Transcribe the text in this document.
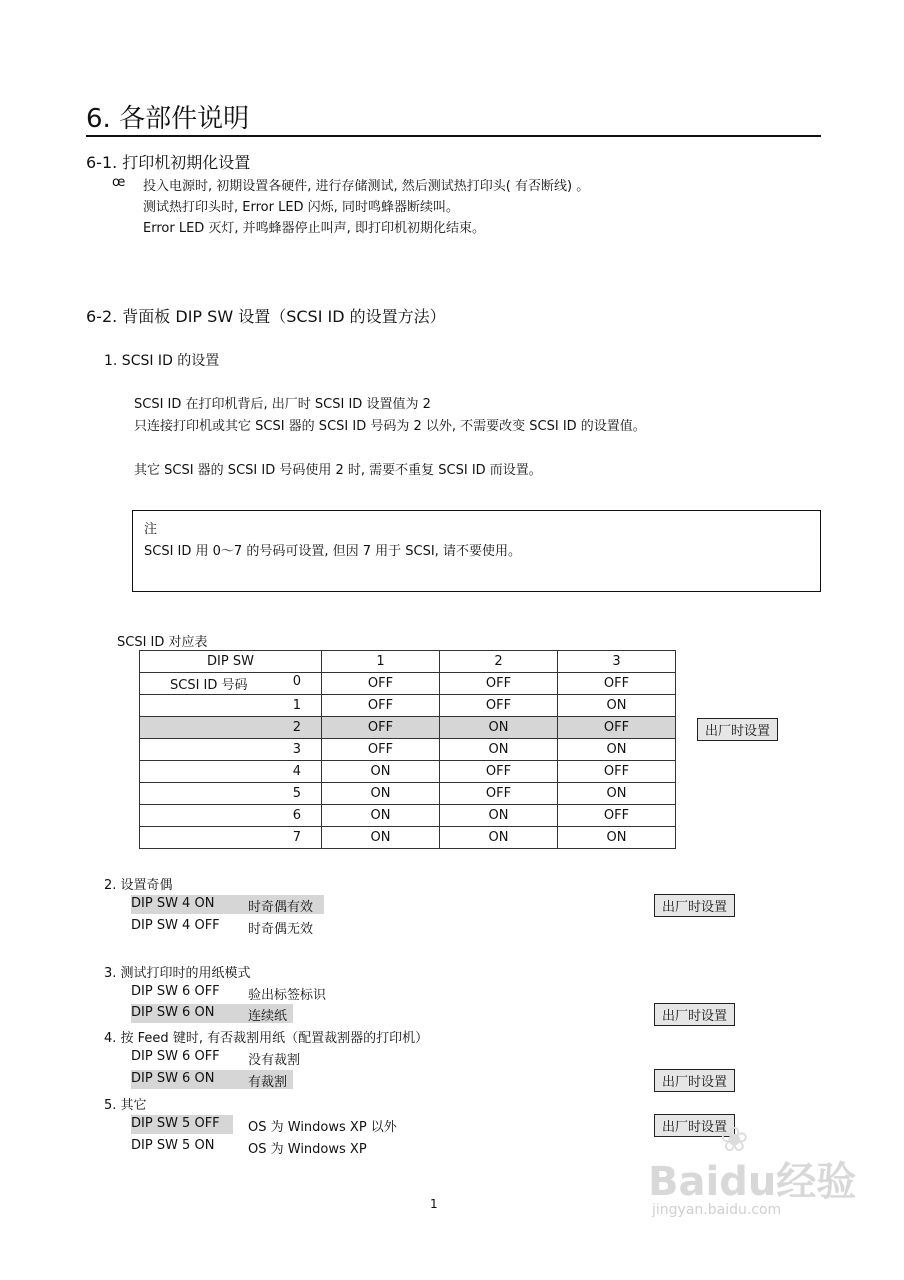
6. 各部件说明
6-1. 打印机初期化设置
œ 投入电源时, 初期设置各硬件, 进行存储测试, 然后测试热打印头( 有否断线) 。
测试热打印头时, Error LED 闪烁, 同时鸣蜂器断续叫。
Error LED 灭灯, 并鸣蜂器停止叫声, 即打印机初期化结束。
6-2. 背面板 DIP SW 设置（SCSI ID 的设置方法）
1. SCSI ID 的设置
SCSI ID 在打印机背后, 出厂时 SCSI ID 设置值为 2
只连接打印机或其它 SCSI 器的 SCSI ID 号码为 2 以外, 不需要改变 SCSI ID 的设置值。
其它 SCSI 器的 SCSI ID 号码使用 2 时, 需要不重复 SCSI ID 而设置。
注
SCSI ID 用 0～7 的号码可设置, 但因 7 用于 SCSI, 请不要使用。
SCSI ID 对应表
DIP SW	1	2	3

SCSI ID 号码 0	OFF	OFF	OFF

1	OFF	OFF	ON

2	OFF	ON	OFF

3	OFF	ON	ON

4	ON	OFF	OFF

5	ON	OFF	ON

6	ON	ON	OFF

7	ON	ON	ON
出厂时设置
2. 设置奇偶
DIP SW 4 ON	时奇偶有效	出厂时设置
DIP SW 4 OFF 时奇偶无效
3. 测试打印时的用纸模式
DIP SW 6 OFF 验出标签标识
DIP SW 6 ON	连续纸	出厂时设置
4. 按 Feed 键时, 有否裁割用纸（配置裁割器的打印机）
DIP SW 6 OFF 没有裁割
DIP SW 6 ON	有裁割	出厂时设置
5. 其它
DIP SW 5 OFF OS 为 Windows XP 以外	出厂时设置
DIP SW 5 ON	OS 为 Windows XP
1
❀
Baidu经验
jingyan.baidu.com
